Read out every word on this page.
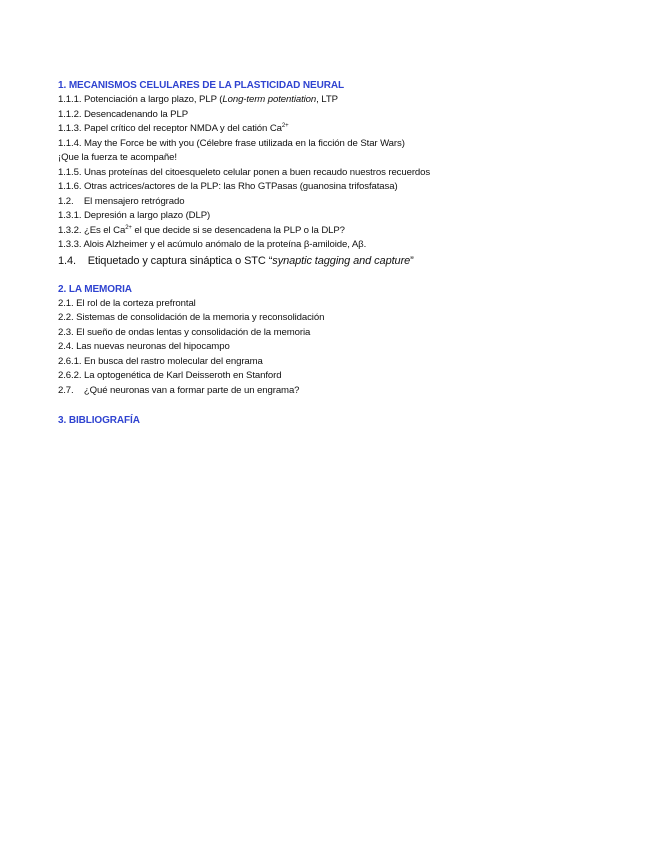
1. MECANISMOS CELULARES DE LA PLASTICIDAD NEURAL
1.1.1. Potenciación a largo plazo, PLP (Long-term potentiation, LTP
1.1.2. Desencadenando la PLP
1.1.3. Papel crítico del receptor NMDA y del catión $Ca^{2+}$
1.1.4. May the Force be with you (Célebre frase utilizada en la ficción de Star Wars)
¡Que la fuerza te acompañe!
1.1.5. Unas proteínas del citoesqueleto celular ponen a buen recaudo nuestros recuerdos
1.1.6. Otras actrices/actores de la PLP: las Rho GTPasas (guanosina trifosfatasa)
1.2.    El mensajero retrógrado
1.3.1. Depresión a largo plazo (DLP)
1.3.2. ¿Es el $Ca^{2+}$ el que decide si se desencadena la PLP o la DLP?
1.3.3. Alois Alzheimer y el acúmulo anómalo de la proteína β-amiloide, Aβ.
1.4.    Etiquetado y captura sináptica o STC “synaptic tagging and capture”
2. LA MEMORIA
2.1. El rol de la corteza prefrontal
2.2. Sistemas de consolidación de la memoria y reconsolidación
2.3. El sueño de ondas lentas y consolidación de la memoria
2.4. Las nuevas neuronas del hipocampo
2.6.1. En busca del rastro molecular del engrama
2.6.2. La optogenética de Karl Deisseroth en Stanford
2.7.    ¿Qué neuronas van a formar parte de un engrama?
3. BIBLIOGRAFÍA
